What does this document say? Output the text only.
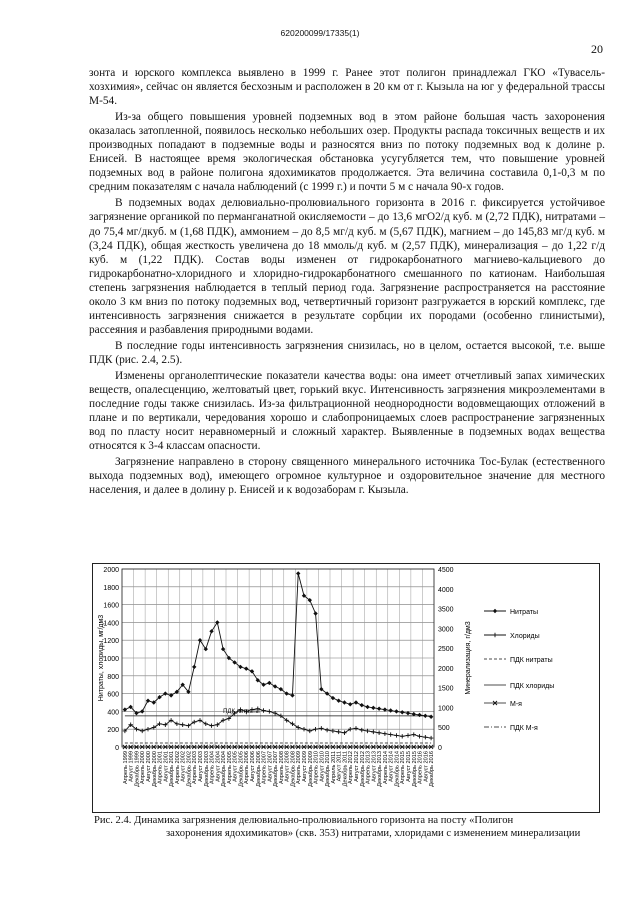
620200099/17335(1)
20

зонта и юрского комплекса выявлено в 1999 г. Ранее этот полигон принадлежал ГКО «Тувасель-хозхимия», сейчас он является бесхозным и расположен в 20 км от г. Кызыла на юг у федеральной трассы М-54.

Из-за общего повышения уровней подземных вод в этом районе большая часть захоронения оказалась затопленной, появилось несколько небольших озер. Продукты распада токсичных веществ и их производных попадают в подземные воды и разносятся вниз по потоку подземных вод к долине р. Енисей. В настоящее время экологическая обстановка усугубляется тем, что повышение уровней подземных вод в районе полигона ядохимикатов продолжается. Эта величина составила 0,1-0,3 м по средним показателям с начала наблюдений (с 1999 г.) и почти 5 м с начала 90-х годов.

В подземных водах делювиально-пролювиального горизонта в 2016 г. фиксируется устойчивое загрязнение органикой по перманганатной окисляемости – до 13,6 мгО2/д куб. м (2,72 ПДК), нитратами – до 75,4 мг/дкуб. м (1,68 ПДК), аммонием – до 8,5 мг/д куб. м (5,67 ПДК), магнием – до 145,83 мг/д куб. м (3,24 ПДК), общая жесткость увеличена до 18 ммоль/д куб. м (2,57 ПДК), минерализация – до 1,22 г/д куб. м (1,22 ПДК). Состав воды изменен от гидрокарбонатного магниево-кальциевого до гидрокарбонатно-хлоридного и хлоридно-гидрокарбонатного смешанного по катионам. Наибольшая степень загрязнения наблюдается в теплый период года. Загрязнение распространяется на расстояние около 3 км вниз по потоку подземных вод, четвертичный горизонт разгружается в юрский комплекс, где интенсивность загрязнения снижается в результате сорбции их породами (особенно глинистыми), рассеяния и разбавления природными водами.

В последние годы интенсивность загрязнения снизилась, но в целом, остается высокой, т.е. выше ПДК (рис. 2.4, 2.5).

Изменены органолептические показатели качества воды: она имеет отчетливый запах химических веществ, опалесценцию, желтоватый цвет, горький вкус. Интенсивность загрязнения микроэлементами в последние годы также снизилась. Из-за фильтрационной неоднородности водовмещающих отложений в плане и по вертикали, чередования хорошо и слабопроницаемых слоев распространение загрязненных вод по пласту носит неравномерный и сложный характер. Выявленные в подземных водах вещества относятся к 3-4 классам опасности.

Загрязнение направлено в сторону священного минерального источника Тос-Булак (естественного выхода подземных вод), имеющего огромное культурное и оздоровительное значение для местного населения, и далее в долину р. Енисей и к водозаборам г. Кызыла.

0
200
400
600
800
1000
1200
1400
1600
1800
2000
0
500
1000
1500
2000
2500
3000
3500
4000
4500
Нитраты, хлориды, мг/дм3	Минерализация, г/дм3
Апрель 1999 Август 1999 Декабрь 1999 Апрель 2000 Август 2000 Декабрь 2000 Апрель 2001 Август 2001 Декабрь 2001 Апрель 2002 Август 2002 Декабрь 2002 Апрель 2003 Август 2003 Декабрь 2003 Апрель 2004 Август 2004 Декабрь 2004 Апрель 2005 Август 2005 Декабрь 2005 Апрель 2006 Август 2006 Декабрь 2006 Апрель 2007 Август 2007 Декабрь 2007 Апрель 2008 Август 2008 Декабрь 2008 Апрель 2009 Август 2009 Декабрь 2009 Апрель 2010 Август 2010 Декабрь 2010 Апрель 2011 Август 2011 Декабрь 2011 Апрель 2012 Август 2012 Декабрь 2012 Апрель 2013 Август 2013 Декабрь 2013 Апрель 2014 Август 2014 Декабрь 2014 Апрель 2015 Август 2015 Декабрь 2015 Апрель 2016 Август 2016 Декабрь 2016
ПДК нитраты
Нитраты
Хлориды
ПДК нитраты
ПДК хлориды
М-я
ПДК М-я
Рис. 2.4. Динамика загрязнения делювиально-пролювиального горизонта на посту «Полигон
захоронения ядохимикатов» (скв. 353) нитратами, хлоридами с изменением минерализации
